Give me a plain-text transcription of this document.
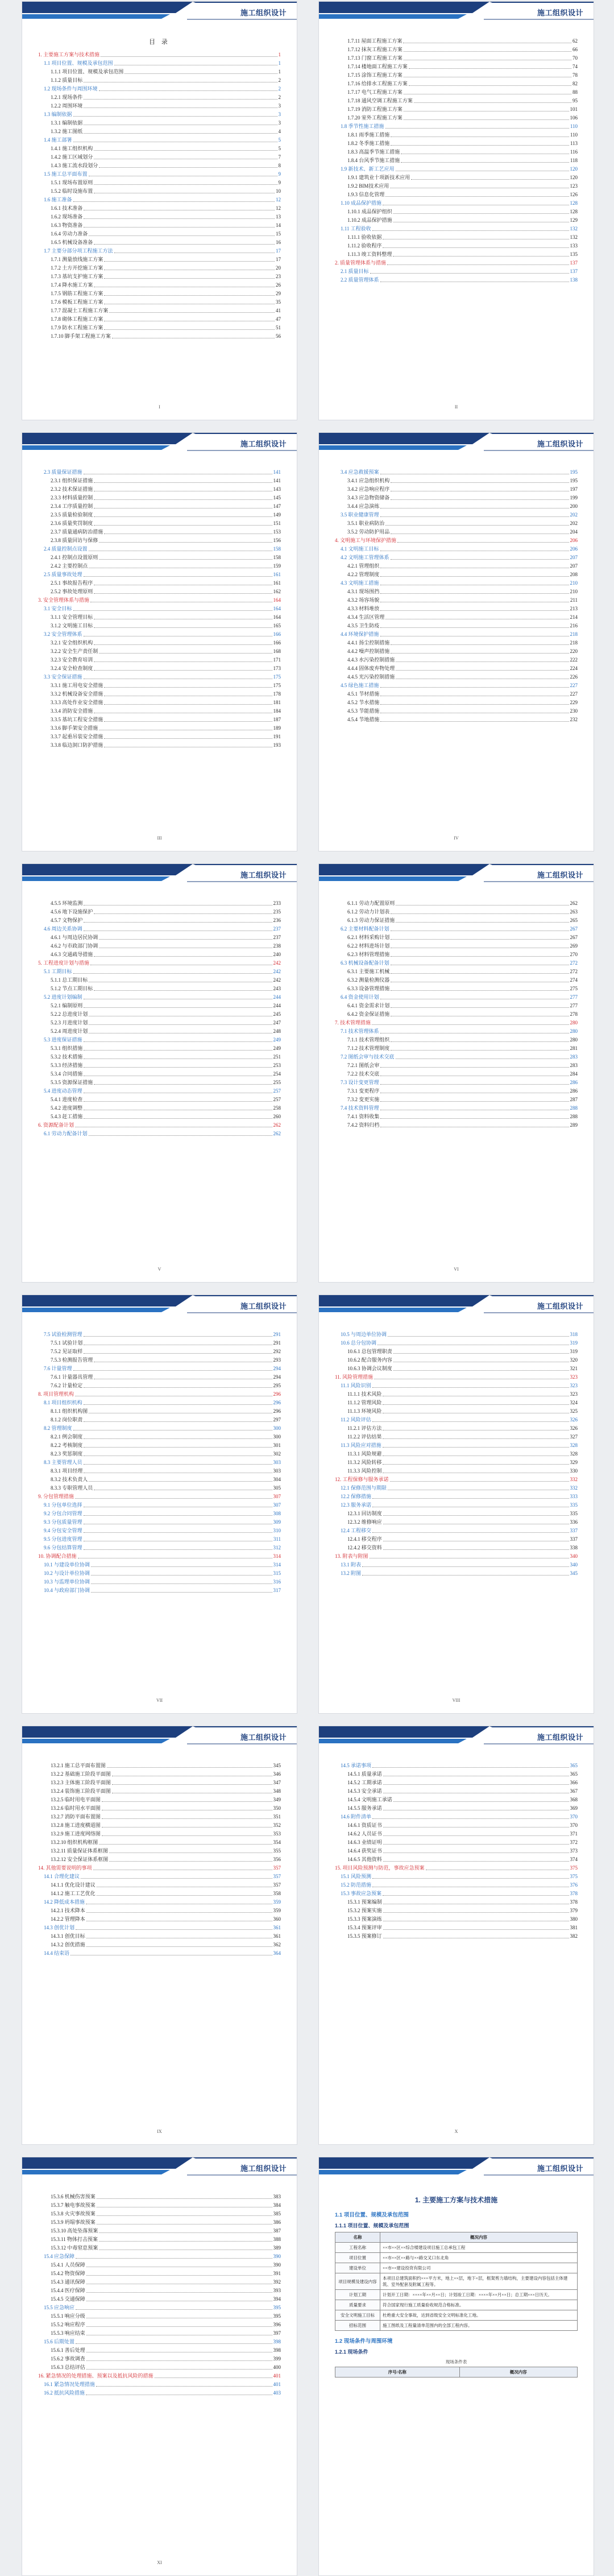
施工组织设计
目 录
1. 主要施工方案与技术措施	1
1.1 项目位置、规模及承包范围	1
1.1.1 项目位置、规模及承包范围	1
1.1.2 质量目标	2
1.2 现场条件与周围环境	2
1.2.1 现场条件	2
1.2.2 周围环境	3
1.3 编制依据	3
1.3.1 编制依据	3
1.3.2 施工图纸	4
1.4 施工部署	5
1.4.1 施工组织机构	5
1.4.2 施工区域划分	7
1.4.3 施工流水段划分	8
1.5 施工总平面布置	9
1.5.1 现场布置原则	9
1.5.2 临时设施布置	10
1.6 施工准备	12
1.6.1 技术准备	12
1.6.2 现场准备	13
1.6.3 物资准备	14
1.6.4 劳动力准备	15
1.6.5 机械设备准备	16
1.7 主要分部分项工程施工方法	17
1.7.1 测量放线施工方案	17
1.7.2 土方开挖施工方案	20
1.7.3 基坑支护施工方案	23
1.7.4 降水施工方案	26
1.7.5 钢筋工程施工方案	29
1.7.6 模板工程施工方案	35
1.7.7 混凝土工程施工方案	41
1.7.8 砌体工程施工方案	47
1.7.9 防水工程施工方案	51
1.7.10 脚手架工程施工方案	56
I
施工组织设计
1.7.11 屋面工程施工方案	62
1.7.12 抹灰工程施工方案	66
1.7.13 门窗工程施工方案	70
1.7.14 楼地面工程施工方案	74
1.7.15 涂饰工程施工方案	78
1.7.16 给排水工程施工方案	82
1.7.17 电气工程施工方案	88
1.7.18 通风空调工程施工方案	95
1.7.19 消防工程施工方案	101
1.7.20 室外工程施工方案	106
1.8 季节性施工措施	110
1.8.1 雨季施工措施	110
1.8.2 冬季施工措施	113
1.8.3 高温季节施工措施	116
1.8.4 台风季节施工措施	118
1.9 新技术、新工艺应用	120
1.9.1 建筑业十项新技术应用	120
1.9.2 BIM技术应用	123
1.9.3 信息化管理	126
1.10 成品保护措施	128
1.10.1 成品保护组织	128
1.10.2 成品保护措施	129
1.11 工程验收	132
1.11.1 验收依据	132
1.11.2 验收程序	133
1.11.3 竣工资料整理	135
2. 质量管理体系与措施	137
2.1 质量目标	137
2.2 质量管理体系	138
II
施工组织设计
2.3 质量保证措施	141
2.3.1 组织保证措施	141
2.3.2 技术保证措施	143
2.3.3 材料质量控制	145
2.3.4 工序质量控制	147
2.3.5 质量检验制度	149
2.3.6 质量奖罚制度	151
2.3.7 质量通病防治措施	153
2.3.8 质量回访与保修	156
2.4 质量控制点设置	158
2.4.1 控制点设置原则	158
2.4.2 主要控制点	159
2.5 质量事故处理	161
2.5.1 事故报告程序	161
2.5.2 事故处理原则	162
3. 安全管理体系与措施	164
3.1 安全目标	164
3.1.1 安全管理目标	164
3.1.2 文明施工目标	165
3.2 安全管理体系	166
3.2.1 安全组织机构	166
3.2.2 安全生产责任制	168
3.2.3 安全教育培训	171
3.2.4 安全检查制度	173
3.3 安全保证措施	175
3.3.1 施工用电安全措施	175
3.3.2 机械设备安全措施	178
3.3.3 高处作业安全措施	181
3.3.4 消防安全措施	184
3.3.5 基坑工程安全措施	187
3.3.6 脚手架安全措施	189
3.3.7 起重吊装安全措施	191
3.3.8 临边洞口防护措施	193
III
施工组织设计
3.4 应急救援预案	195
3.4.1 应急组织机构	195
3.4.2 应急响应程序	197
3.4.3 应急物资储备	199
3.4.4 应急演练	200
3.5 职业健康管理	202
3.5.1 职业病防治	202
3.5.2 劳动防护用品	204
4. 文明施工与环境保护措施	206
4.1 文明施工目标	206
4.2 文明施工管理体系	207
4.2.1 管理组织	207
4.2.2 管理制度	208
4.3 文明施工措施	210
4.3.1 现场围挡	210
4.3.2 场容场貌	211
4.3.3 材料堆放	213
4.3.4 生活区管理	214
4.3.5 卫生防疫	216
4.4 环境保护措施	218
4.4.1 扬尘控制措施	218
4.4.2 噪声控制措施	220
4.4.3 水污染控制措施	222
4.4.4 固体废弃物处理	224
4.4.5 光污染控制措施	226
4.5 绿色施工措施	227
4.5.1 节材措施	227
4.5.2 节水措施	229
4.5.3 节能措施	230
4.5.4 节地措施	232
IV
施工组织设计
4.5.5 环境监测	233
4.5.6 地下设施保护	235
4.5.7 文物保护	236
4.6 周边关系协调	237
4.6.1 与周边居民协调	237
4.6.2 与市政部门协调	238
4.6.3 交通疏导措施	240
5. 工程进度计划与措施	242
5.1 工期目标	242
5.1.1 总工期目标	242
5.1.2 节点工期目标	243
5.2 进度计划编制	244
5.2.1 编制原则	244
5.2.2 总进度计划	245
5.2.3 月进度计划	247
5.2.4 周进度计划	248
5.3 进度保证措施	249
5.3.1 组织措施	249
5.3.2 技术措施	251
5.3.3 经济措施	253
5.3.4 合同措施	254
5.3.5 资源保证措施	255
5.4 进度动态管理	257
5.4.1 进度检查	257
5.4.2 进度调整	258
5.4.3 赶工措施	260
6. 资源配备计划	262
6.1 劳动力配备计划	262
V
施工组织设计
6.1.1 劳动力配置原则	262
6.1.2 劳动力计划表	263
6.1.3 劳动力保证措施	265
6.2 主要材料配备计划	267
6.2.1 材料采购计划	267
6.2.2 材料进场计划	269
6.2.3 材料管理措施	270
6.3 机械设备配备计划	272
6.3.1 主要施工机械	272
6.3.2 测量检测仪器	274
6.3.3 设备管理措施	275
6.4 资金使用计划	277
6.4.1 资金需求计划	277
6.4.2 资金保证措施	278
7. 技术管理措施	280
7.1 技术管理体系	280
7.1.1 技术管理组织	280
7.1.2 技术管理制度	281
7.2 图纸会审与技术交底	283
7.2.1 图纸会审	283
7.2.2 技术交底	284
7.3 设计变更管理	286
7.3.1 变更程序	286
7.3.2 变更实施	287
7.4 技术资料管理	288
7.4.1 资料收集	288
7.4.2 资料归档	289
VI
施工组织设计
7.5 试验检测管理	291
7.5.1 试验计划	291
7.5.2 见证取样	292
7.5.3 检测报告管理	293
7.6 计量管理	294
7.6.1 计量器具管理	294
7.6.2 计量检定	295
8. 项目管理机构	296
8.1 项目组织机构	296
8.1.1 组织机构图	296
8.1.2 岗位职责	297
8.2 管理制度	300
8.2.1 例会制度	300
8.2.2 考核制度	301
8.2.3 奖惩制度	302
8.3 主要管理人员	303
8.3.1 项目经理	303
8.3.2 技术负责人	304
8.3.3 专职管理人员	305
9. 分包管理措施	307
9.1 分包单位选择	307
9.2 分包合同管理	308
9.3 分包质量管理	309
9.4 分包安全管理	310
9.5 分包进度管理	311
9.6 分包结算管理	312
10. 协调配合措施	314
10.1 与建设单位协调	314
10.2 与设计单位协调	315
10.3 与监理单位协调	316
10.4 与政府部门协调	317
VII
施工组织设计
10.5 与周边单位协调	318
10.6 总分包协调	319
10.6.1 总包管理职责	319
10.6.2 配合服务内容	320
10.6.3 协调会议制度	321
11. 风险管理措施	323
11.1 风险识别	323
11.1.1 技术风险	323
11.1.2 管理风险	324
11.1.3 环境风险	325
11.2 风险评估	326
11.2.1 评估方法	326
11.2.2 评估结果	327
11.3 风险应对措施	328
11.3.1 风险规避	328
11.3.2 风险转移	329
11.3.3 风险控制	330
12. 工程保修与服务承诺	332
12.1 保修范围与期限	332
12.2 保修措施	333
12.3 服务承诺	335
12.3.1 回访制度	335
12.3.2 维修响应	336
12.4 工程移交	337
12.4.1 移交程序	337
12.4.2 移交资料	338
13. 附表与附图	340
13.1 附表	340
13.2 附图	345
VIII
施工组织设计
13.2.1 施工总平面布置图	345
13.2.2 基础施工阶段平面图	346
13.2.3 主体施工阶段平面图	347
13.2.4 装饰施工阶段平面图	348
13.2.5 临时用电平面图	349
13.2.6 临时用水平面图	350
13.2.7 消防平面布置图	351
13.2.8 施工进度横道图	352
13.2.9 施工进度网络图	353
13.2.10 组织机构框图	354
13.2.11 质量保证体系框图	355
13.2.12 安全保证体系框图	356
14. 其他需要说明的事项	357
14.1 合理化建议	357
14.1.1 优化设计建议	357
14.1.2 施工工艺优化	358
14.2 降低成本措施	359
14.2.1 技术降本	359
14.2.2 管理降本	360
14.3 创优计划	361
14.3.1 创优目标	361
14.3.2 创优措施	362
14.4 结束语	364
IX
施工组织设计
14.5 承诺事项	365
14.5.1 质量承诺	365
14.5.2 工期承诺	366
14.5.3 安全承诺	367
14.5.4 文明施工承诺	368
14.5.5 服务承诺	369
14.6 附件清单	370
14.6.1 资质证书	370
14.6.2 人员证书	371
14.6.3 业绩证明	372
14.6.4 获奖证书	373
14.6.5 其他资料	374
15. 项目风险预测与防范，事故应急预案	375
15.1 风险预测	375
15.2 防范措施	376
15.3 事故应急预案	378
15.3.1 预案编制	378
15.3.2 预案实施	379
15.3.3 预案演练	380
15.3.4 预案评审	381
15.3.5 预案修订	382
X
施工组织设计
15.3.6 机械伤害预案	383
15.3.7 触电事故预案	384
15.3.8 火灾事故预案	385
15.3.9 坍塌事故预案	386
15.3.10 高处坠落预案	387
15.3.11 物体打击预案	388
15.3.12 中毒窒息预案	389
15.4 应急保障	390
15.4.1 人员保障	390
15.4.2 物资保障	391
15.4.3 通讯保障	392
15.4.4 医疗保障	393
15.4.5 交通保障	394
15.5 应急响应	395
15.5.1 响应分级	395
15.5.2 响应程序	396
15.5.3 响应结束	397
15.6 后期处置	398
15.6.1 善后处理	398
15.6.2 事故调查	399
15.6.3 总结评估	400
16. 紧急情况的处理措施、预案以及抵抗风险的措施	401
16.1 紧急情况处理措施	401
16.2 抵抗风险措施	403
XI
施工组织设计
1. 主要施工方案与技术措施
1.1 项目位置、规模及承包范围
1.1.1 项目位置、规模及承包范围
名称	概况内容
工程名称	××市××区××综合楼建设项目施工总承包工程
项目位置	××市××区××路与××路交叉口东北角
建设单位	××市××建设投资有限公司
项目规模及建设内容	本项目总建筑面积约×××平方米，地上××层，地下×层，框架剪力墙结构，主要建设内容包括主体建筑、室外配套及附属工程等。
计划工期	计划开工日期：××××年××月××日；计划竣工日期：××××年××月××日；总工期×××日历天。
质量要求	符合国家现行施工质量验收规范合格标准。
安全文明施工目标	杜绝重大安全事故，达到省级安全文明标准化工地。
招标范围	施工图纸及工程量清单范围内的全部工程内容。
1.2 现场条件与周围环境
1.2.1 现场条件
现场条件表
序号/名称	概况内容
